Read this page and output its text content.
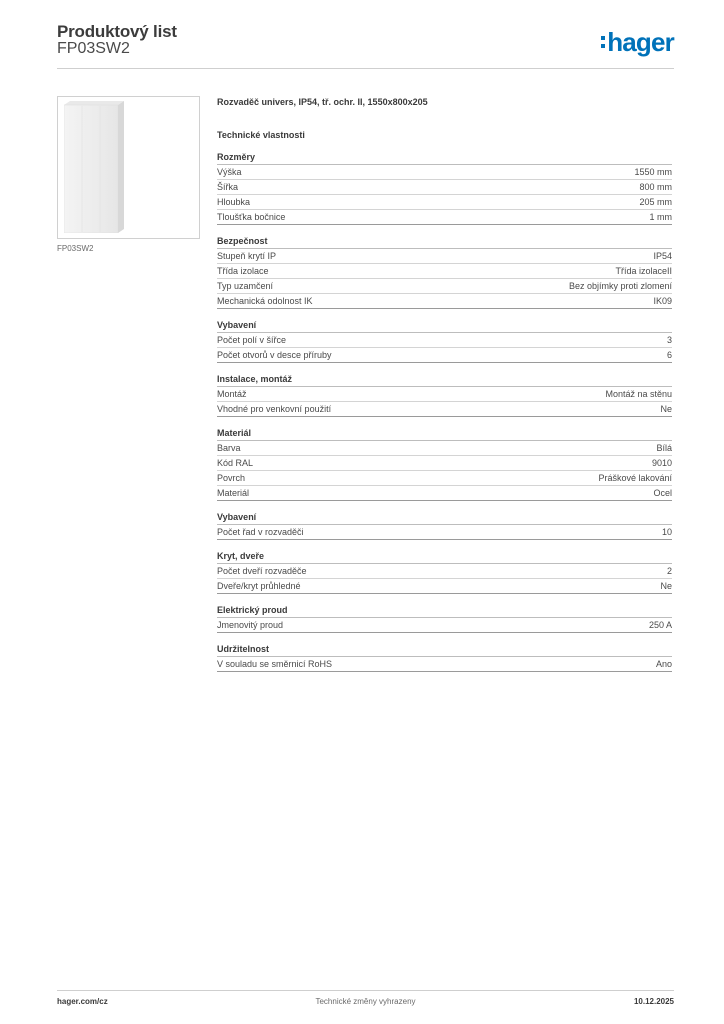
Produktový list
FP03SW2	hager
FP03SW2
Rozvaděč univers, IP54, tř. ochr. II, 1550x800x205
Technické vlastnosti
Rozměry
Výška	1550 mm
Šířka	800 mm
Hloubka	205 mm
Tloušťka bočnice	1 mm
Bezpečnost
Stupeň krytí IP	IP54
Třída izolace	Třída izolaceII
Typ uzamčení	Bez objímky proti zlomení
Mechanická odolnost IK	IK09
Vybavení
Počet polí v šířce	3
Počet otvorů v desce příruby	6
Instalace, montáž
Montáž	Montáž na stěnu
Vhodné pro venkovní použití	Ne
Materiál
Barva	Bílá
Kód RAL	9010
Povrch	Práškové lakování
Materiál	Ocel
Vybavení
Počet řad v rozvaděči	10
Kryt, dveře
Počet dveří rozvaděče	2
Dveře/kryt průhledné	Ne
Elektrický proud
Jmenovitý proud	250 A
Udržitelnost
V souladu se směrnicí RoHS	Ano
hager.com/cz	Technické změny vyhrazeny	10.12.2025
